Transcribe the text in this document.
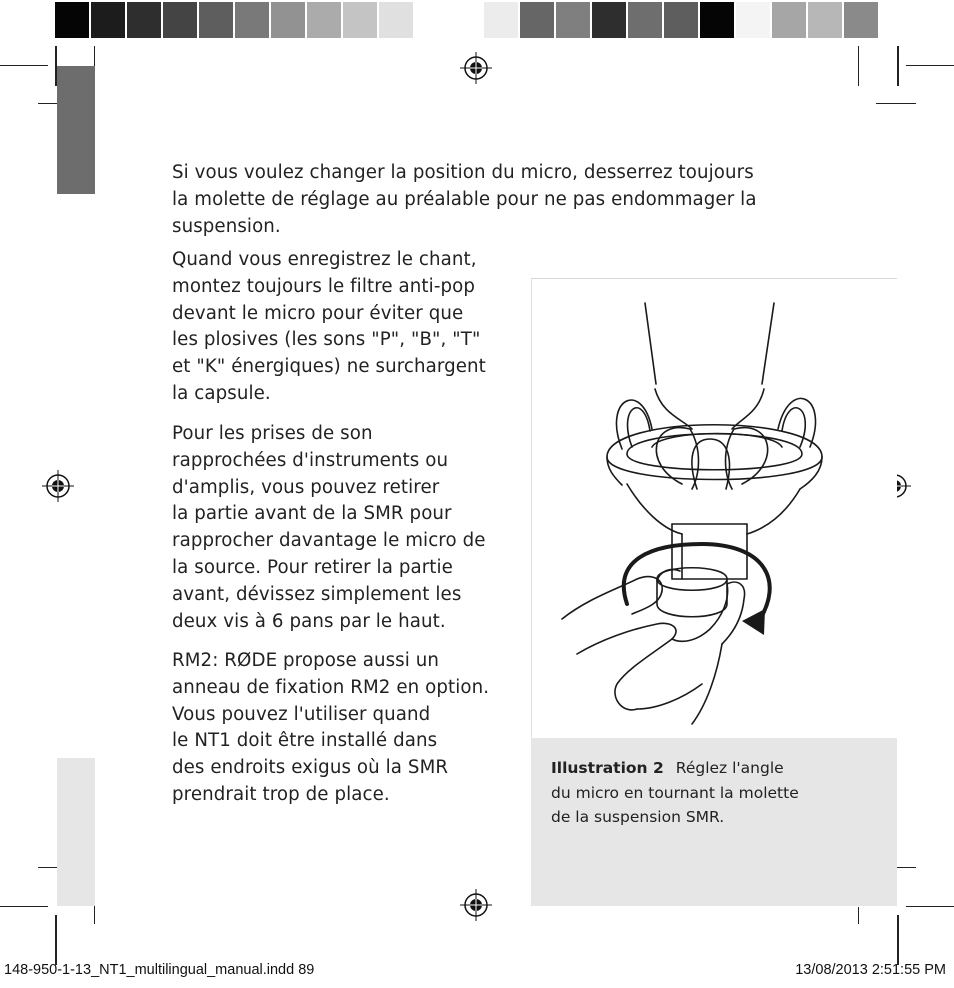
Si vous voulez changer la position du micro, desserrez toujours
la molette de réglage au préalable pour ne pas endommager la
suspension.

Quand vous enregistrez le chant,
montez toujours le filtre anti-pop
devant le micro pour éviter que
les plosives (les sons "P", "B", "T"
et "K" énergiques) ne surchargent
la capsule.

Pour les prises de son
rapprochées d'instruments ou
d'amplis, vous pouvez retirer
la partie avant de la SMR pour
rapprocher davantage le micro de
la source. Pour retirer la partie
avant, dévissez simplement les
deux vis à 6 pans par le haut.

RM2: RØDE propose aussi un
anneau de fixation RM2 en option.
Vous pouvez l'utiliser quand
le NT1 doit être installé dans
des endroits exigus où la SMR
prendrait trop de place.

Illustration 2 Réglez l'angle
du micro en tournant la molette
de la suspension SMR.
148-950-1-13_NT1_multilingual_manual.indd 89	13/08/2013 2:51:55 PM
